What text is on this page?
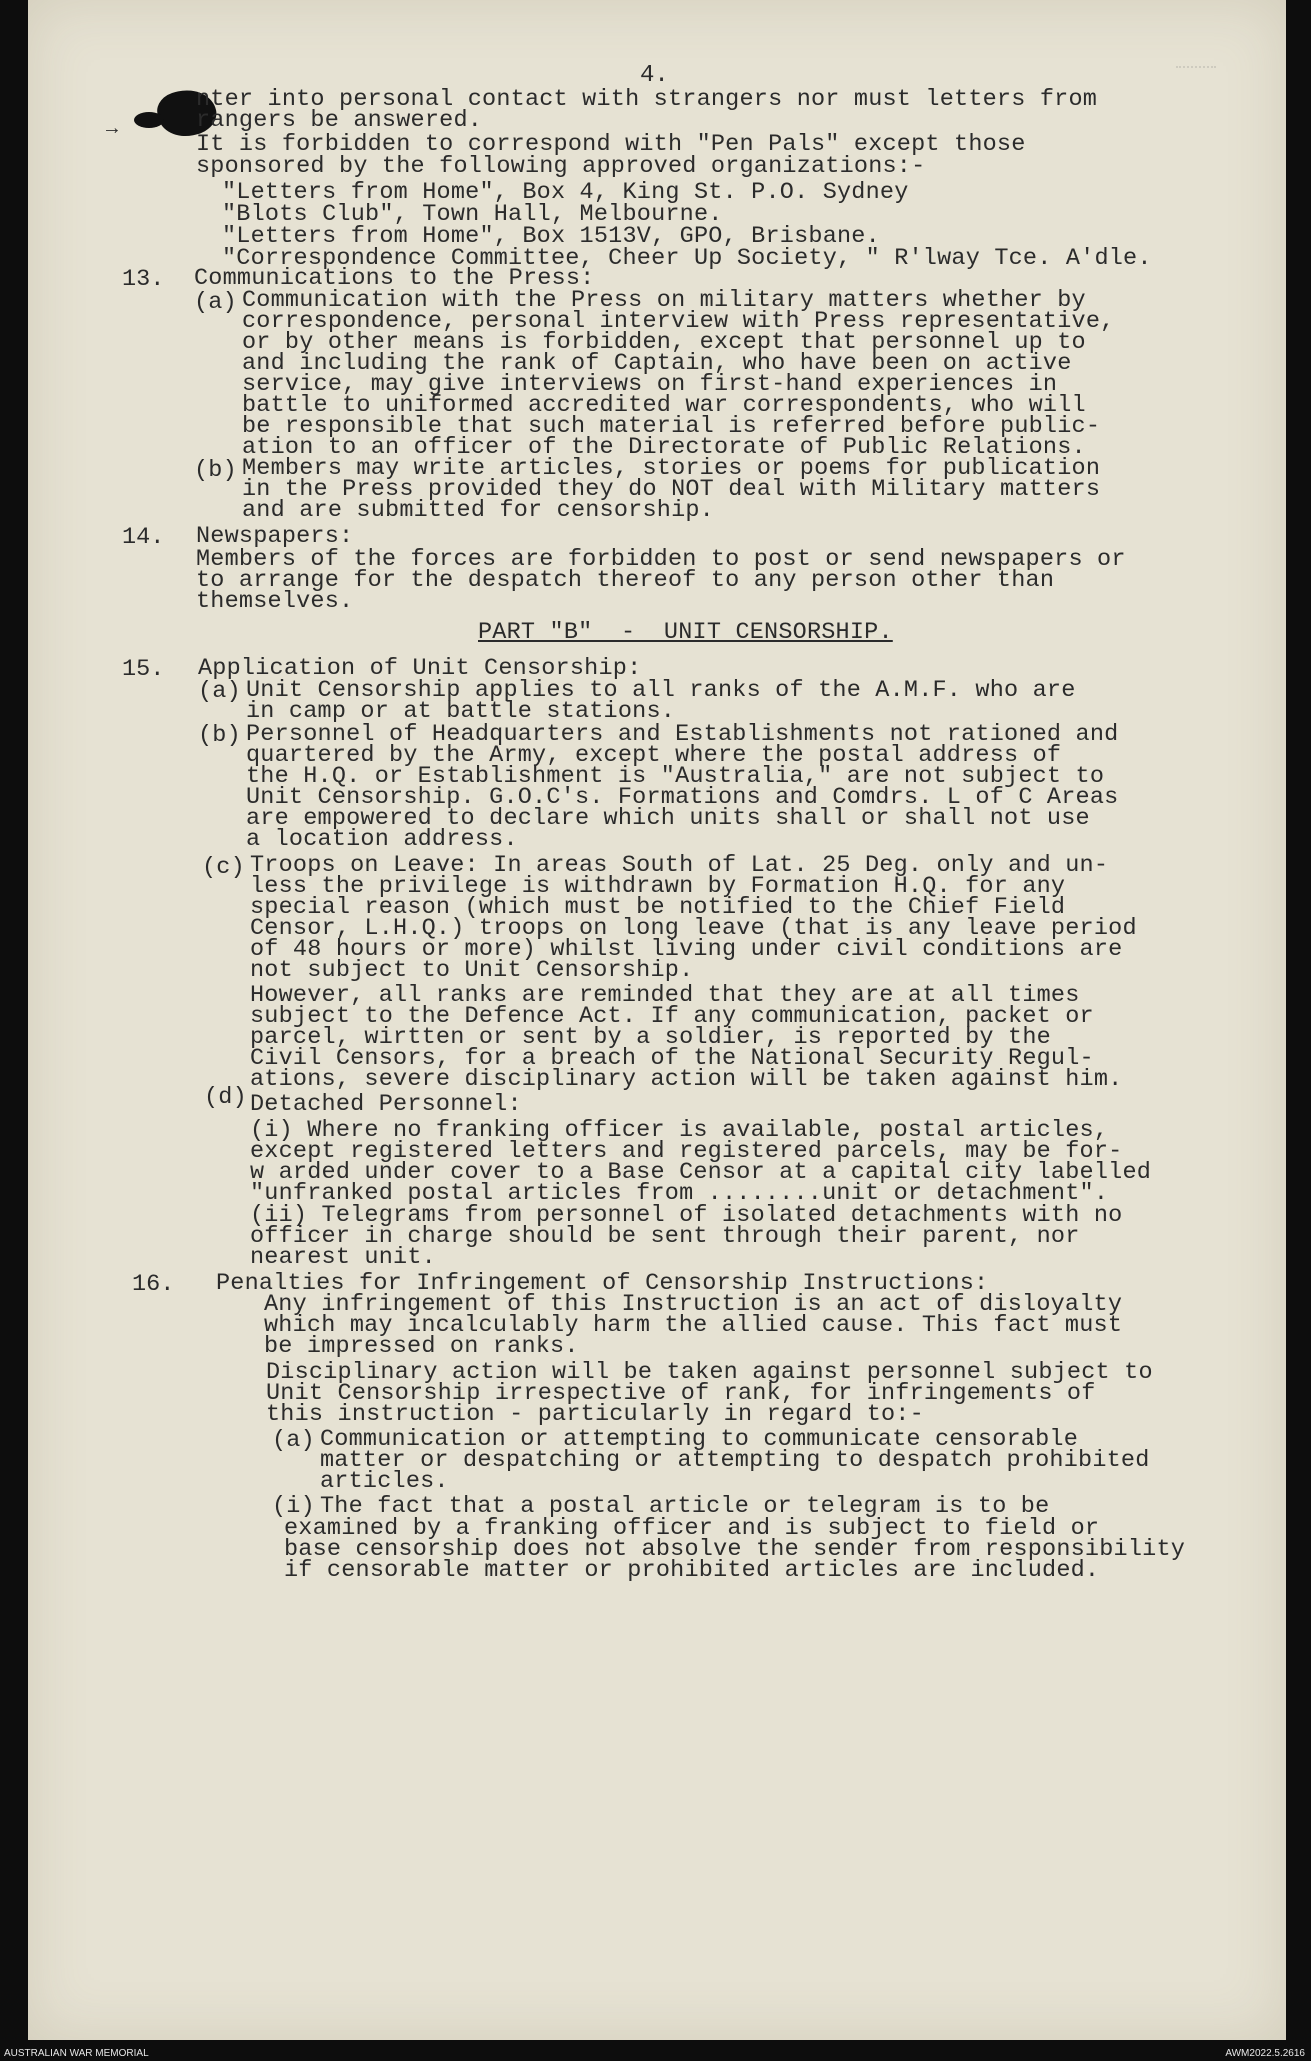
4.
→
nter into personal contact with strangers nor must letters from
rangers be answered.
It is forbidden to correspond with "Pen Pals" except those
sponsored by the following approved organizations:-
"Letters from Home", Box 4, King St. P.O. Sydney
"Blots Club", Town Hall, Melbourne.
"Letters from Home", Box 1513V, GPO, Brisbane.
"Correspondence Committee, Cheer Up Society, " R'lway Tce. A'dle.
13. Communications to the Press:
(a) Communication with the Press on military matters whether by
correspondence, personal interview with Press representative,
or by other means is forbidden, except that personnel up to
and including the rank of Captain, who have been on active
service, may give interviews on first-hand experiences in
battle to uniformed accredited war correspondents, who will
be responsible that such material is referred before public-
ation to an officer of the Directorate of Public Relations.
(b) Members may write articles, stories or poems for publication
in the Press provided they do NOT deal with Military matters
and are submitted for censorship.
14. Newspapers:
Members of the forces are forbidden to post or send newspapers or
to arrange for the despatch thereof to any person other than
themselves.
PART "B"  -  UNIT CENSORSHIP.
15. Application of Unit Censorship:
(a) Unit Censorship applies to all ranks of the A.M.F. who are
in camp or at battle stations.
(b) Personnel of Headquarters and Establishments not rationed and
quartered by the Army, except where the postal address of
the H.Q. or Establishment is "Australia," are not subject to
Unit Censorship. G.O.C's. Formations and Comdrs. L of C Areas
are empowered to declare which units shall or shall not use
a location address.
(c) Troops on Leave: In areas South of Lat. 25 Deg. only and un-
less the privilege is withdrawn by Formation H.Q. for any
special reason (which must be notified to the Chief Field
Censor, L.H.Q.) troops on long leave (that is any leave period
of 48 hours or more) whilst living under civil conditions are
not subject to Unit Censorship.
However, all ranks are reminded that they are at all times
subject to the Defence Act. If any communication, packet or
parcel, wirtten or sent by a soldier, is reported by the
Civil Censors, for a breach of the National Security Regul-
ations, severe disciplinary action will be taken against him.
(d) Detached Personnel:
(i) Where no franking officer is available, postal articles,
except registered letters and registered parcels, may be for-
w arded under cover to a Base Censor at a capital city labelled
"unfranked postal articles from ........unit or detachment".
(ii) Telegrams from personnel of isolated detachments with no
officer in charge should be sent through their parent, nor
nearest unit.
16. Penalties for Infringement of Censorship Instructions:
Any infringement of this Instruction is an act of disloyalty
which may incalculably harm the allied cause. This fact must
be impressed on ranks.
Disciplinary action will be taken against personnel subject to
Unit Censorship irrespective of rank, for infringements of
this instruction - particularly in regard to:-
(a) Communication or attempting to communicate censorable
matter or despatching or attempting to despatch prohibited
articles.
(i) The fact that a postal article or telegram is to be
examined by a franking officer and is subject to field or
base censorship does not absolve the sender from responsibility
if censorable matter or prohibited articles are included.
AUSTRALIAN WAR MEMORIAL	AWM2022.5.2616
